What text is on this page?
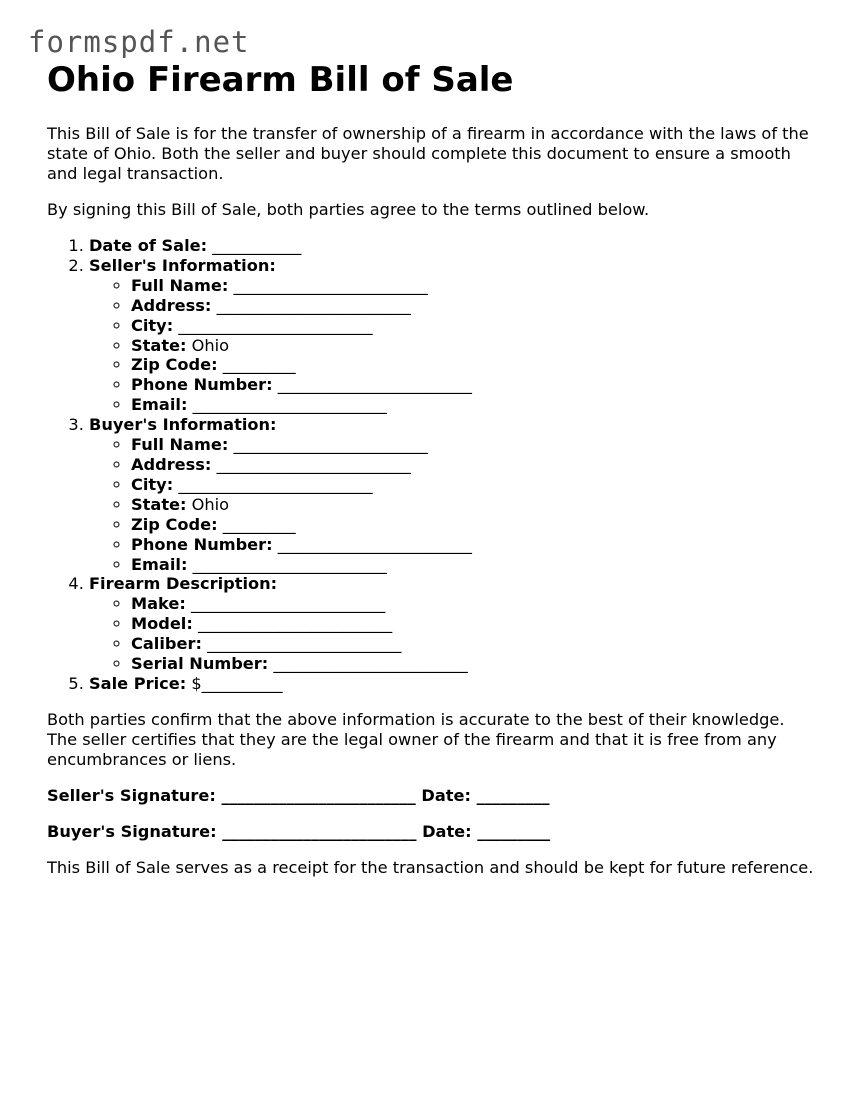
formspdf.net
Ohio Firearm Bill of Sale

This Bill of Sale is for the transfer of ownership of a firearm in accordance with the laws of the state of Ohio. Both the seller and buyer should complete this document to ensure a smooth and legal transaction.

By signing this Bill of Sale, both parties agree to the terms outlined below.

1. Date of Sale: ___________
2. Seller's Information:
◦ Full Name: ________________________
◦ Address: ________________________
◦ City: ________________________
◦ State: Ohio
◦ Zip Code: _________
◦ Phone Number: ________________________
◦ Email: ________________________
3. Buyer's Information:
◦ Full Name: ________________________
◦ Address: ________________________
◦ City: ________________________
◦ State: Ohio
◦ Zip Code: _________
◦ Phone Number: ________________________
◦ Email: ________________________
4. Firearm Description:
◦ Make: ________________________
◦ Model: ________________________
◦ Caliber: ________________________
◦ Serial Number: ________________________
5. Sale Price: $__________

Both parties confirm that the above information is accurate to the best of their knowledge. The seller certifies that they are the legal owner of the firearm and that it is free from any encumbrances or liens.

Seller's Signature: ________________________ Date: _________

Buyer's Signature: ________________________ Date: _________

This Bill of Sale serves as a receipt for the transaction and should be kept for future reference.
